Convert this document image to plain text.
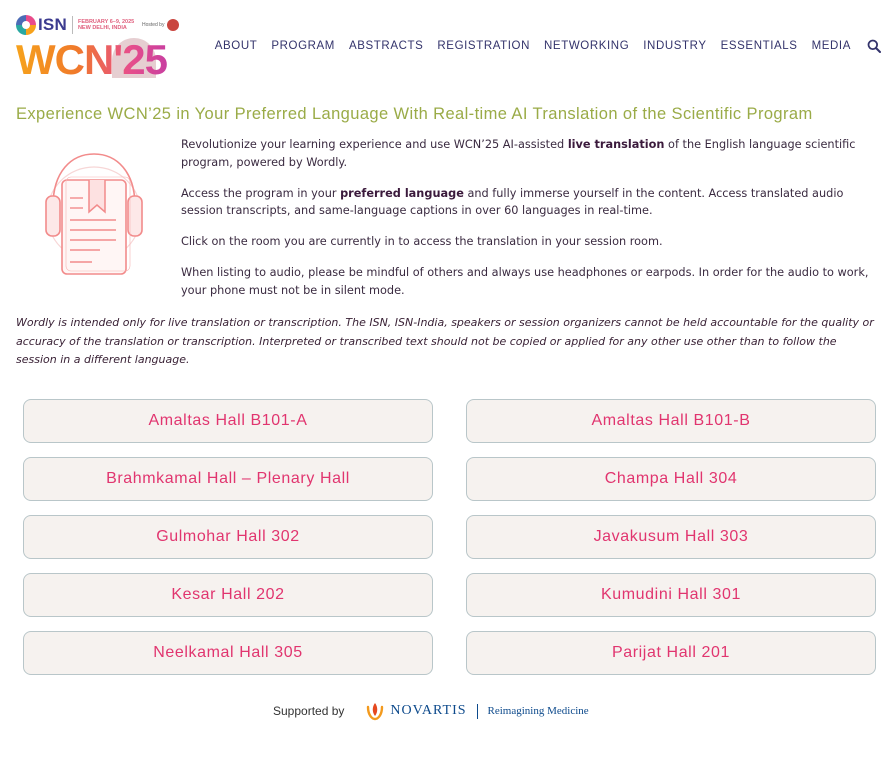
ISN FEBRUARY 6–9, 2025
NEW DELHI, INDIA	Hosted by
WCN'25	ABOUT PROGRAM ABSTRACTS REGISTRATION NETWORKING INDUSTRY ESSENTIALS MEDIA
Experience WCN’25 in Your Preferred Language With Real-time AI Translation of the Scientific Program

Revolutionize your learning experience and use WCN’25 AI-assisted live translation of the English language scientific program, powered by Wordly.

Access the program in your preferred language and fully immerse yourself in the content. Access translated audio session transcripts, and same-language captions in over 60 languages in real-time.

Click on the room you are currently in to access the translation in your session room.

When listing to audio, please be mindful of others and always use headphones or earpods. In order for the audio to work, your phone must not be in silent mode.

Wordly is intended only for live translation or transcription. The ISN, ISN-India, speakers or session organizers cannot be held accountable for the quality or accuracy of the translation or transcription. Interpreted or transcribed text should not be copied or applied for any other use other than to follow the session in a different language.
Amaltas Hall B101-A	Amaltas Hall B101-B
Brahmkamal Hall – Plenary Hall	Champa Hall 304
Gulmohar Hall 302	Javakusum Hall 303
Kesar Hall 202	Kumudini Hall 301
Neelkamal Hall 305	Parijat Hall 201
Supported by	NOVARTIS Reimagining Medicine
